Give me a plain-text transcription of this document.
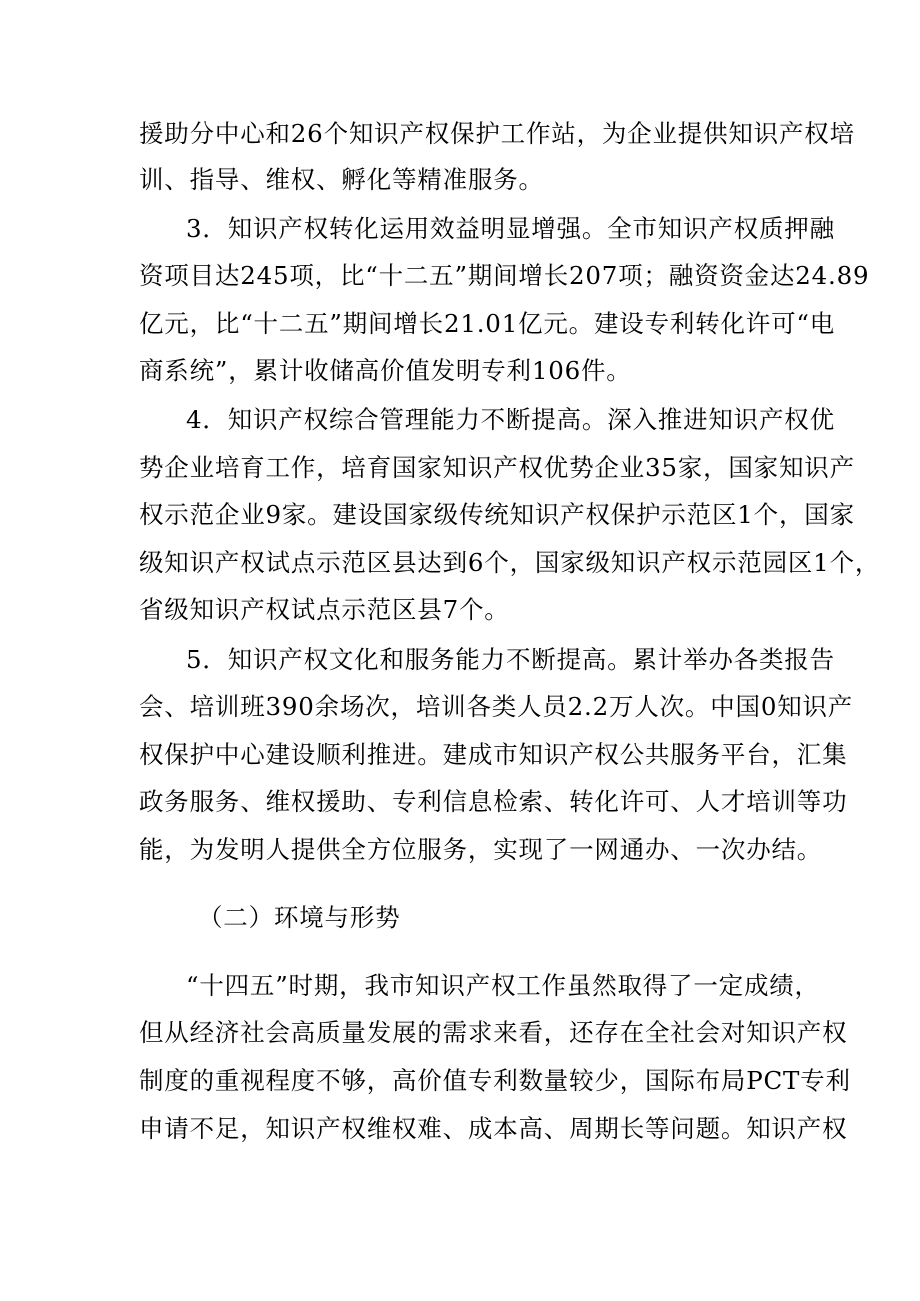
援助分中心和26个知识产权保护工作站，为企业提供知识产权培

训、指导、维权、孵化等精准服务。

3．知识产权转化运用效益明显增强。全市知识产权质押融

资项目达245项，比“十二五”期间增长207项；融资资金达24.89

亿元，比“十二五”期间增长21.01亿元。建设专利转化许可“电

商系统”，累计收储高价值发明专利106件。

4．知识产权综合管理能力不断提高。深入推进知识产权优

势企业培育工作，培育国家知识产权优势企业35家，国家知识产

权示范企业9家。建设国家级传统知识产权保护示范区1个，国家

级知识产权试点示范区县达到6个，国家级知识产权示范园区1个，

省级知识产权试点示范区县7个。

5．知识产权文化和服务能力不断提高。累计举办各类报告

会、培训班390余场次，培训各类人员2.2万人次。中国0知识产

权保护中心建设顺利推进。建成市知识产权公共服务平台，汇集

政务服务、维权援助、专利信息检索、转化许可、人才培训等功

能，为发明人提供全方位服务，实现了一网通办、一次办结。

（二）环境与形势

“十四五”时期，我市知识产权工作虽然取得了一定成绩，

但从经济社会高质量发展的需求来看，还存在全社会对知识产权

制度的重视程度不够，高价值专利数量较少，国际布局PCT专利

申请不足，知识产权维权难、成本高、周期长等问题。知识产权
